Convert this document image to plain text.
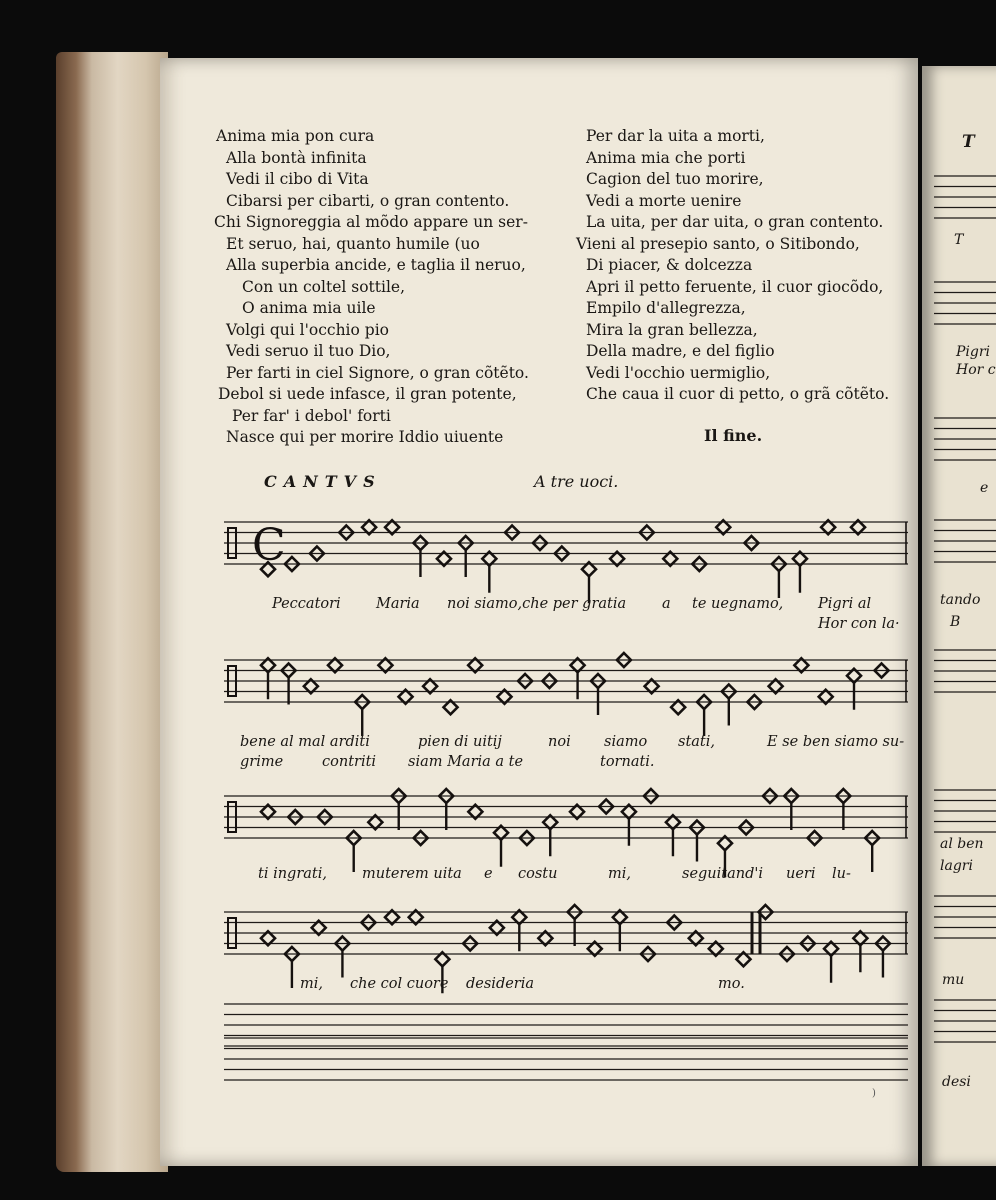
T
T
Pigri
Hor c
e
tando
B
al ben
lagri
mu
desi
Anima mia pon cura
Alla bontà infinita
Vedi il cibo di Vita
Cibarsi per cibarti, o gran contento.
Chi Signoreggia al mõdo appare un ser-
Et seruo, hai, quanto humile (uo
Alla superbia ancide, e taglia il neruo,
Con un coltel sottile,
O anima mia uile
Volgi qui l'occhio pio
Vedi seruo il tuo Dio,
Per farti in ciel Signore, o gran cõtẽto.
Debol si uede infasce, il gran potente,
Per far' i debol' forti
Nasce qui per morire Iddio uiuente
Per dar la uita a morti,
Anima mia che porti
Cagion del tuo morire,
Vedi a morte uenire
La uita, per dar uita, o gran contento.
Vieni al presepio santo, o Sitibondo,
Di piacer, & dolcezza
Apri il petto feruente, il cuor giocõdo,
Empilo d'allegrezza,
Mira la gran bellezza,
Della madre, e del figlio
Vedi l'occhio uermiglio,
Che caua il cuor di petto, o grã cõtẽto.
Il fine.
CANTVS	A tre uoci.
C
Peccatori Maria noi siamo,che per gratia a te uegnamo, Pigri al
Hor con la·
bene al mal arditi	pien di uitij	noi siamo stati,	E se ben siamo su-
grime	contriti siam Maria a te	tornati.
ti ingrati, muterem uita e costu	mi,	seguitand'i ueri lu-
mi, che col cuore desideria	mo.
)
